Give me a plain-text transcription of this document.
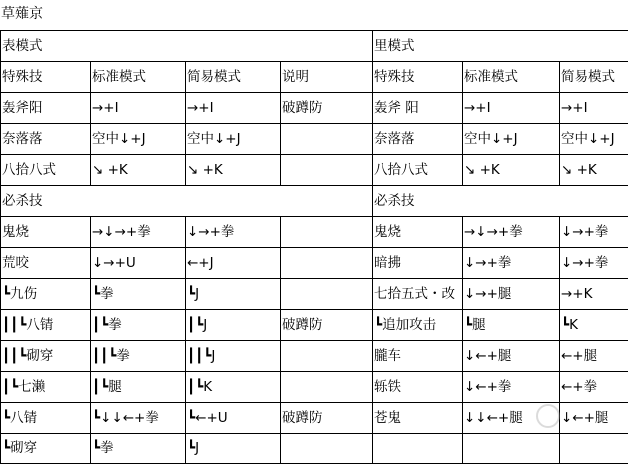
草薙京
表模式				里模式		
特殊技	标准模式	简易模式	说明	特殊技	标准模式	简易模式
轰斧阳	→+I	→+I	破蹲防	轰斧 阳	→+I	→+I
奈落落	空中↓+J	空中↓+J		奈落落	空中↓+J	空中↓+J
八拾八式	↘ +K	↘ +K		八拾八式	↘ +K	↘ +K
必杀技				必杀技		
鬼烧	→↓→+拳	↓→+拳		鬼烧	→↓→+拳	↓→+拳
荒咬	↓→+U	←+J		暗拂	↓→+拳	↓→+拳
┗九伤	┗拳	┗J		七拾五式・改	↓→+腿	→+K
┃┃┗八锖	┃┗拳	┃┗J	破蹲防	┗追加攻击	┗腿	┗K
┃┃┗砌穿	┃┃┗拳	┃┃┗J		朧车	↓←+腿	←+腿
┃┗七濑	┃┗腿	┃┗K		轹铁	↓←+拳	←+拳
┗八锖	┗↓↓←+拳	┗←+U	破蹲防	苍鬼	↓↓←+腿	↓←+腿
┗砌穿	┗拳	┗J				
